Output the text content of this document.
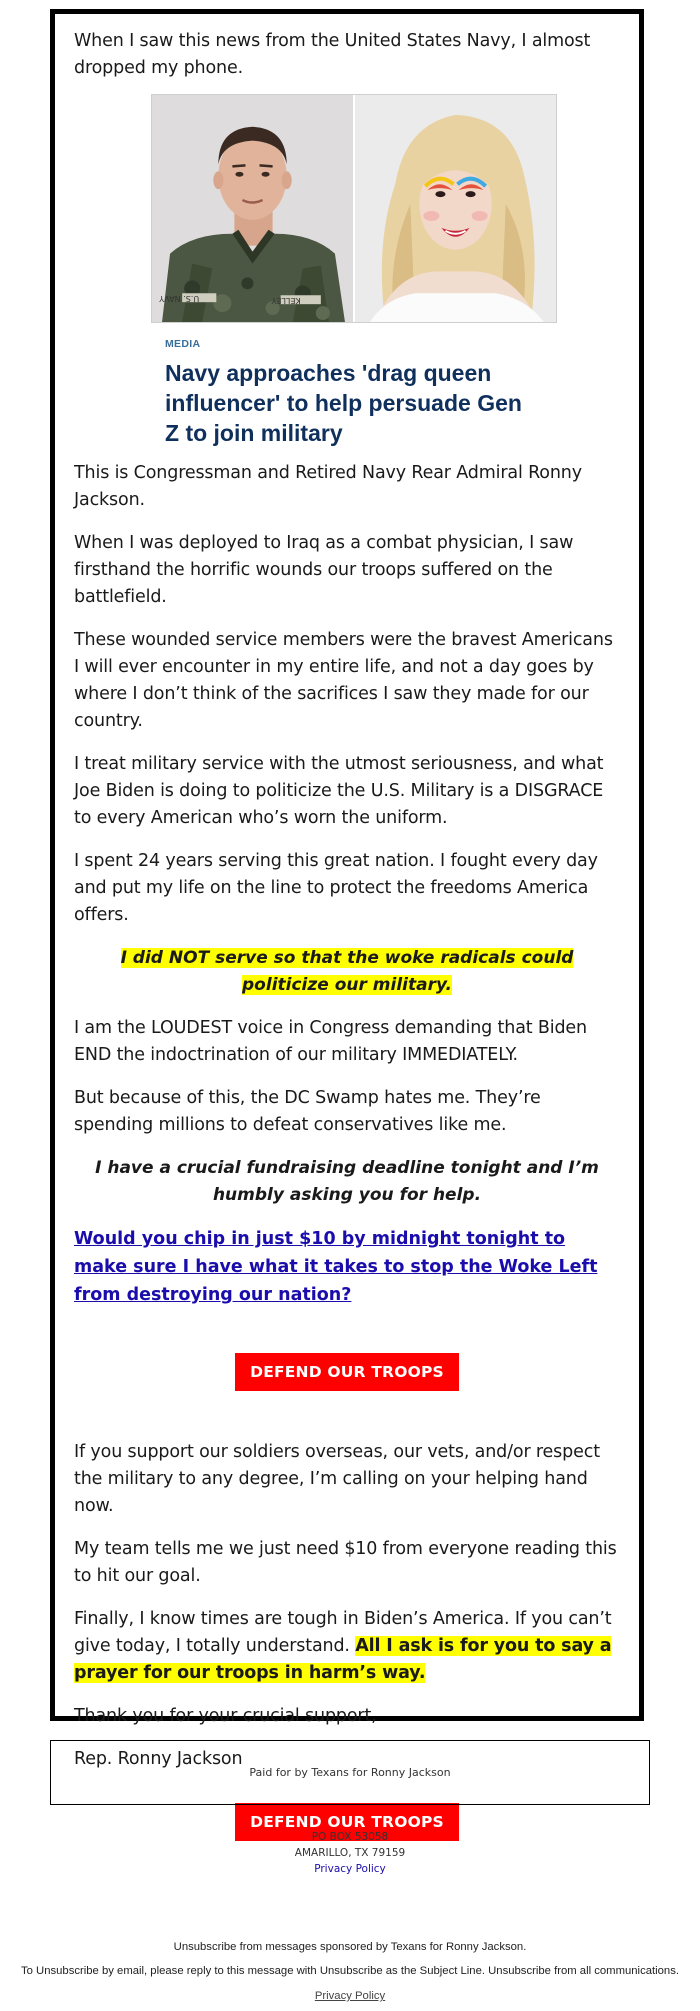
When I saw this news from the United States Navy, I almost dropped my phone.

U.S. NAVY	KELLEY
MEDIA
Navy approaches 'drag queen influencer' to help persuade Gen Z to join military

This is Congressman and Retired Navy Rear Admiral Ronny Jackson.

When I was deployed to Iraq as a combat physician, I saw firsthand the horrific wounds our troops suffered on the battlefield.

These wounded service members were the bravest Americans I will ever encounter in my entire life, and not a day goes by where I don’t think of the sacrifices I saw they made for our country.

I treat military service with the utmost seriousness, and what Joe Biden is doing to politicize the U.S. Military is a DISGRACE to every American who’s worn the uniform.

I spent 24 years serving this great nation. I fought every day and put my life on the line to protect the freedoms America offers.

I did NOT serve so that the woke radicals could politicize our military.

I am the LOUDEST voice in Congress demanding that Biden END the indoctrination of our military IMMEDIATELY.

But because of this, the DC Swamp hates me. They’re spending millions to defeat conservatives like me.

I have a crucial fundraising deadline tonight and I’m humbly asking you for help.

Would you chip in just $10 by midnight tonight to make sure I have what it takes to stop the Woke Left from destroying our nation?
DEFEND OUR TROOPS

If you support our soldiers overseas, our vets, and/or respect the military to any degree, I’m calling on your helping hand now.

My team tells me we just need $10 from everyone reading this to hit our goal.

Finally, I know times are tough in Biden’s America. If you can’t give today, I totally understand. All I ask is for you to say a prayer for our troops in harm’s way.

Thank you for your crucial support,

Rep. Ronny Jackson

DEFEND OUR TROOPS
Paid for by Texans for Ronny Jackson
PO BOX 53058
AMARILLO, TX 79159
Privacy Policy
Unsubscribe from messages sponsored by Texans for Ronny Jackson.
To Unsubscribe by email, please reply to this message with Unsubscribe as the Subject Line. Unsubscribe from all communications.
Privacy Policy
